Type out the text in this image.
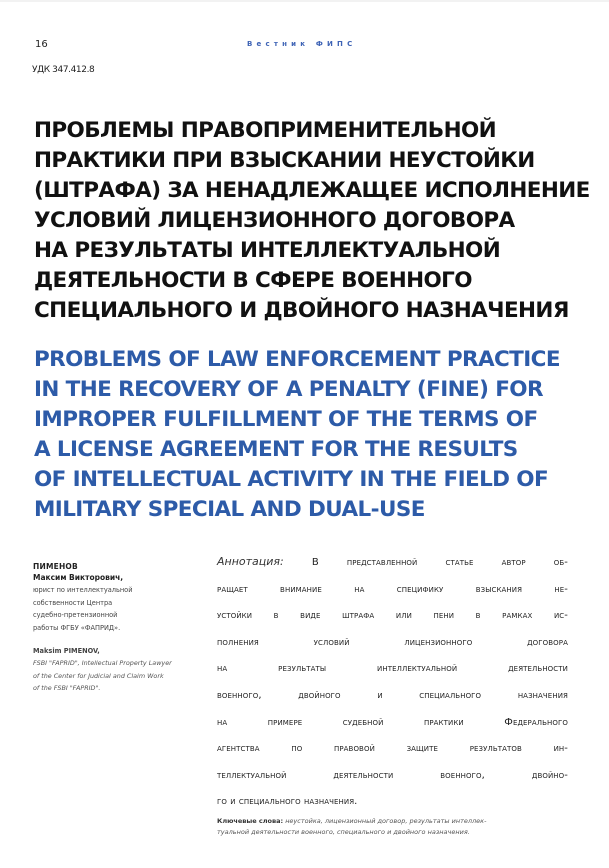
16	Вестник ФИПС
УДК 347.412.8
ПРОБЛЕМЫ ПРАВОПРИМЕНИТЕЛЬНОЙ
ПРАКТИКИ ПРИ ВЗЫСКАНИИ НЕУСТОЙКИ
(ШТРАФА) ЗА НЕНАДЛЕЖАЩЕЕ ИСПОЛНЕНИЕ
УСЛОВИЙ ЛИЦЕНЗИОННОГО ДОГОВОРА
НА РЕЗУЛЬТАТЫ ИНТЕЛЛЕКТУАЛЬНОЙ
ДЕЯТЕЛЬНОСТИ В СФЕРЕ ВОЕННОГО
СПЕЦИАЛЬНОГО И ДВОЙНОГО НАЗНАЧЕНИЯ
PROBLEMS OF LAW ENFORCEMENT PRACTICE
IN THE RECOVERY OF A PENALTY (FINE) FOR
IMPROPER FULFILLMENT OF THE TERMS OF
A LICENSE AGREEMENT FOR THE RESULTS
OF INTELLECTUAL ACTIVITY IN THE FIELD OF
MILITARY SPECIAL AND DUAL-USE
ПИМЕНОВ
Максим Викторович,
юрист по интеллектуальной
собственности Центра
судебно-претензионной
работы ФГБУ «ФАПРИД».
Maksim PIMENOV,
FSBI "FAPRID", Intellectual Property Lawyer
of the Center for Judicial and Claim Work
of the FSBI "FAPRID".
Аннотация:	В представленной статье автор об-
ращает внимание на специфику взыскания не-
устойки в виде штрафа или пени в рамках ис-
полнения условий лицензионного договора
на результаты интеллектуальной деятельности
военного, двойного и специального назначения
на примере судебной практики Федерального
агентства по правовой защите результатов ин-
теллектуальной деятельности военного, двойно-
го и специального назначения.
Ключевые слова: неустойка, лицензионный договор, результаты интеллек-
туальной деятельности военного, специального и двойного назначения.
